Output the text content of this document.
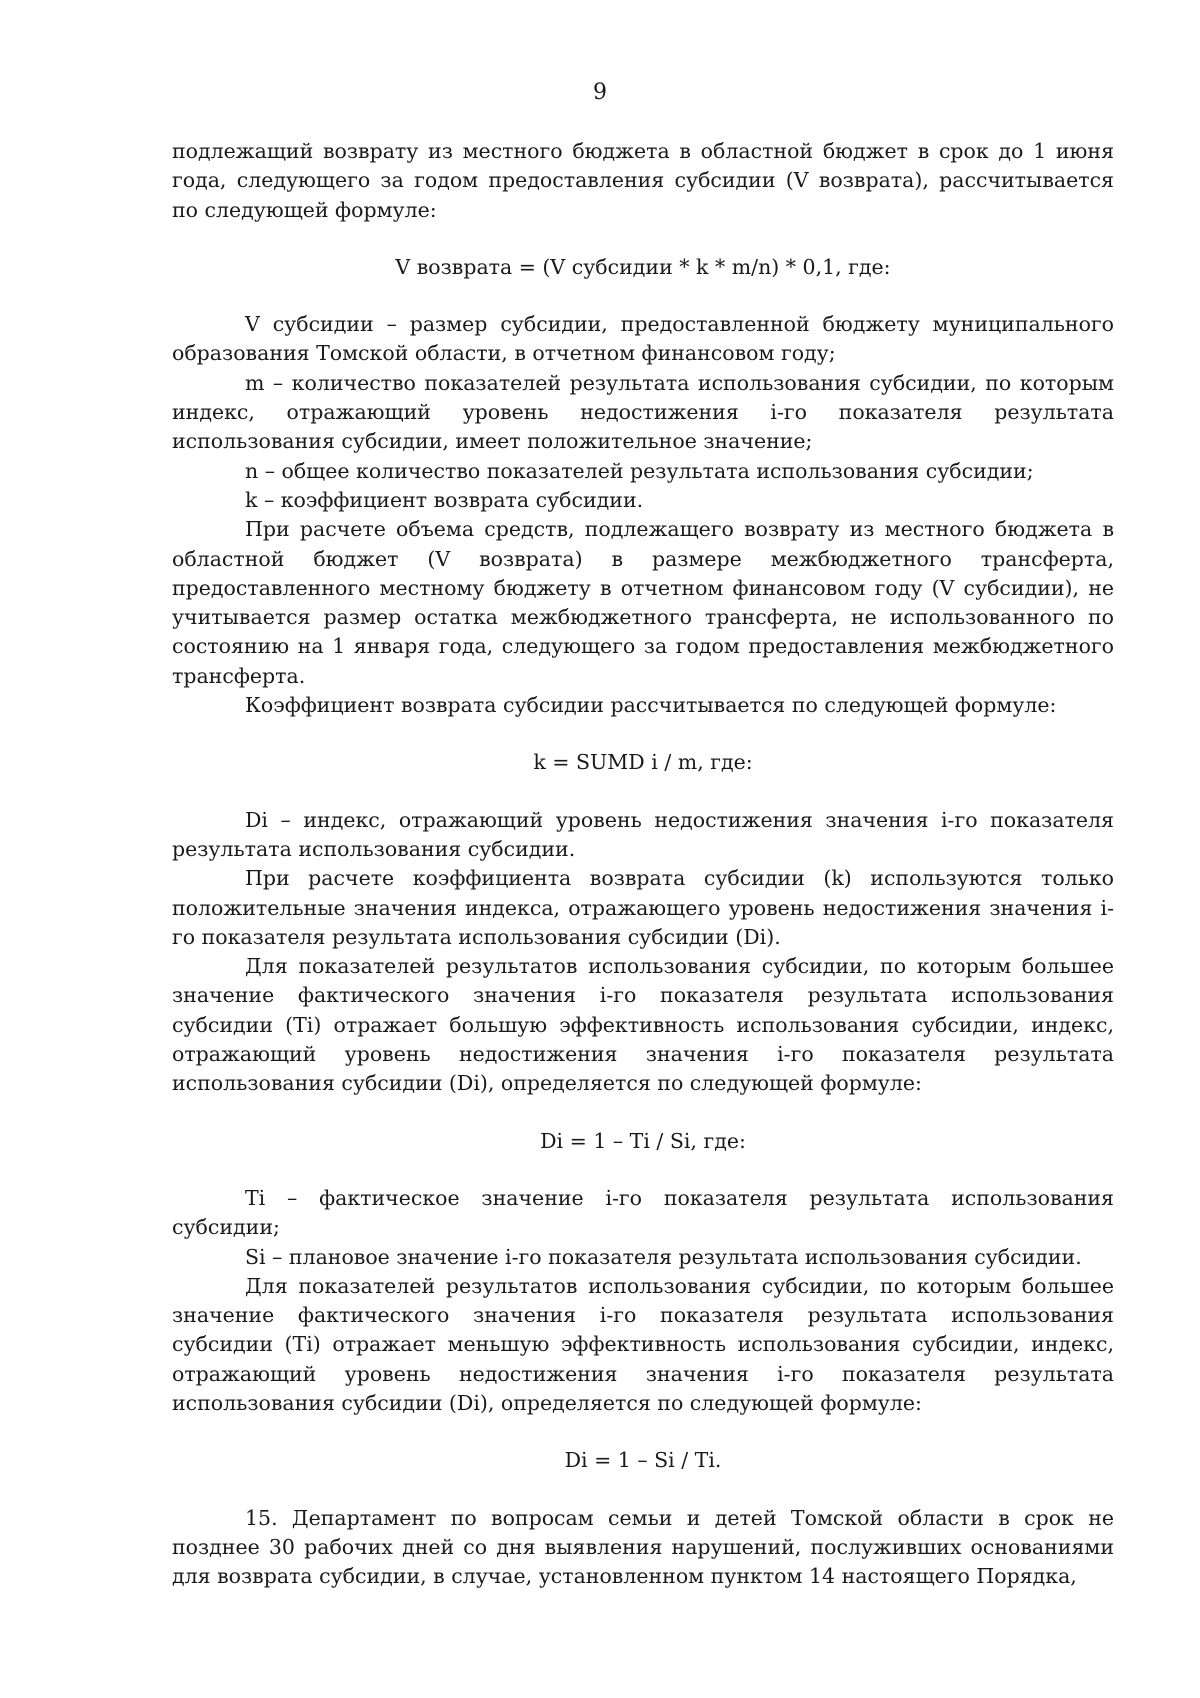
9

подлежащий возврату из местного бюджета в областной бюджет в срок до 1 июня года, следующего за годом предоставления субсидии (V возврата), рассчитывается по следующей формуле:

V возврата = (V субсидии * k * m/n) * 0,1, где:

V субсидии – размер субсидии, предоставленной бюджету муниципального образования Томской области, в отчетном финансовом году;

m – количество показателей результата использования субсидии, по которым индекс, отражающий уровень недостижения i-го показателя результата использования субсидии, имеет положительное значение;

n – общее количество показателей результата использования субсидии;

k – коэффициент возврата субсидии.

При расчете объема средств, подлежащего возврату из местного бюджета в областной бюджет (V возврата) в размере межбюджетного трансферта, предоставленного местному бюджету в отчетном финансовом году (V субсидии), не учитывается размер остатка межбюджетного трансферта, не использованного по состоянию на 1 января года, следующего за годом предоставления межбюджетного трансферта.

Коэффициент возврата субсидии рассчитывается по следующей формуле:

k = SUMD i / m, где:

Di – индекс, отражающий уровень недостижения значения i-го показателя результата использования субсидии.

При расчете коэффициента возврата субсидии (k) используются только положительные значения индекса, отражающего уровень недостижения значения i-го показателя результата использования субсидии (Di).

Для показателей результатов использования субсидии, по которым большее значение фактического значения i-го показателя результата использования субсидии (Ti) отражает большую эффективность использования субсидии, индекс, отражающий уровень недостижения значения i-го показателя результата использования субсидии (Di), определяется по следующей формуле:

Di = 1 – Ti / Si, где:

Ti – фактическое значение i-го показателя результата использования субсидии;

Si – плановое значение i-го показателя результата использования субсидии.

Для показателей результатов использования субсидии, по которым большее значение фактического значения i-го показателя результата использования субсидии (Ti) отражает меньшую эффективность использования субсидии, индекс, отражающий уровень недостижения значения i-го показателя результата использования субсидии (Di), определяется по следующей формуле:

Di = 1 – Si / Ti.

15. Департамент по вопросам семьи и детей Томской области в срок не позднее 30 рабочих дней со дня выявления нарушений, послуживших основаниями для возврата субсидии, в случае, установленном пунктом 14 настоящего Порядка,
